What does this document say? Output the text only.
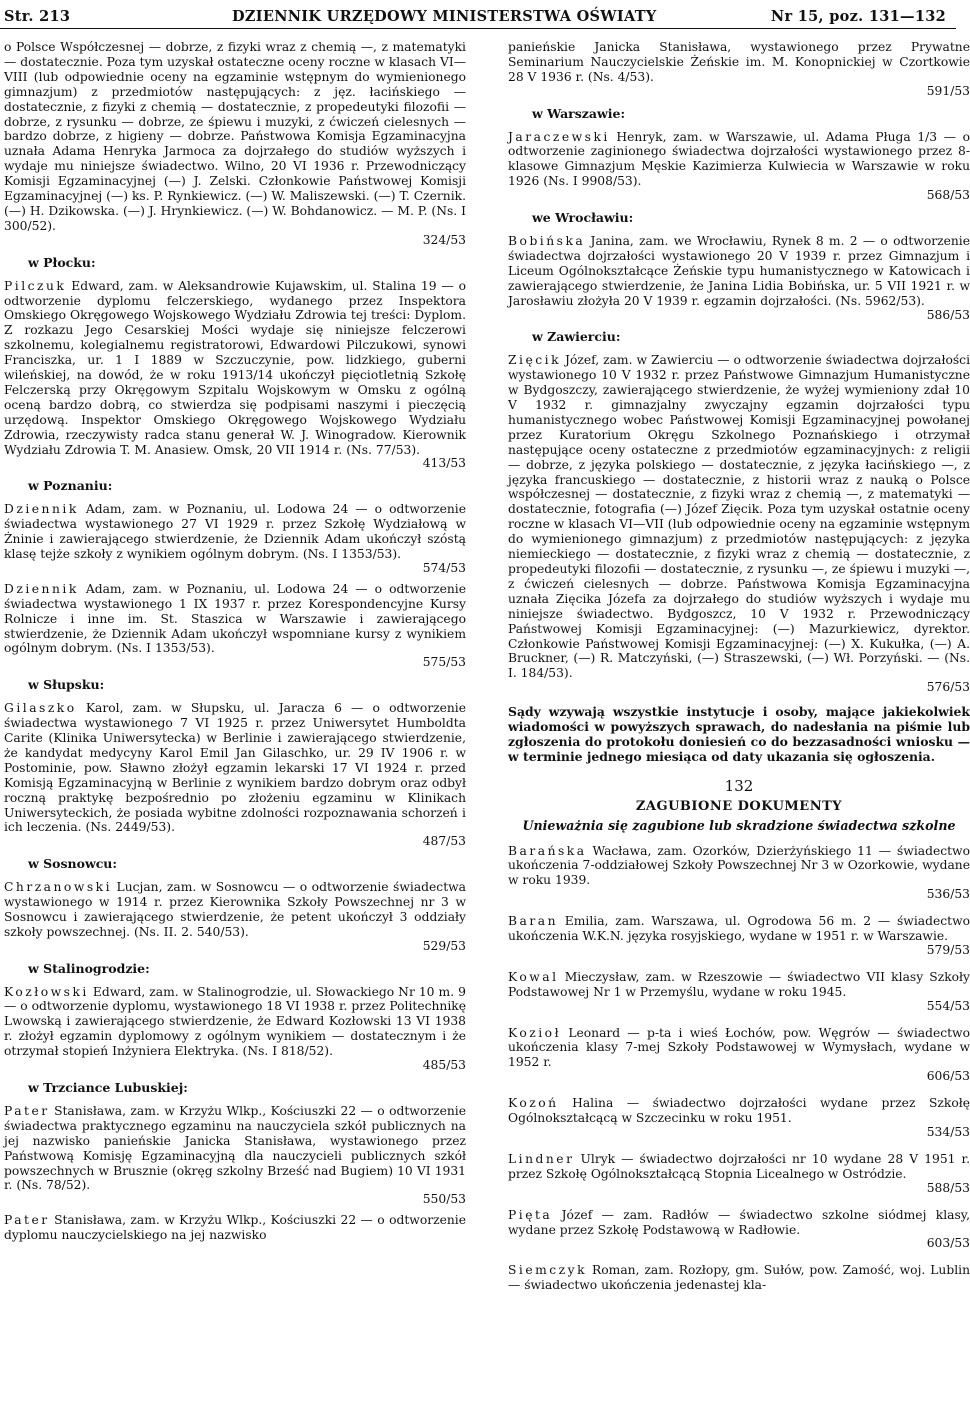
Str. 213	DZIENNIK URZĘDOWY MINISTERSTWA OŚWIATY	Nr 15, poz. 131—132
o Polsce Współczesnej — dobrze, z fizyki wraz z chemią —, z matematyki — dostatecznie. Poza tym uzyskał ostateczne oceny roczne w klasach VI—VIII (lub odpowiednie oceny na egzaminie wstępnym do wymienionego gimnazjum) z przedmiotów następujących: z jęz. łacińskiego — dostatecznie, z fizyki z chemią — dostatecznie, z propedeutyki filozofii — dobrze, z rysunku — dobrze, ze śpiewu i muzyki, z ćwiczeń cielesnych — bardzo dobrze, z higieny — dobrze. Państwowa Komisja Egzaminacyjna uznała Adama Henryka Jarmoca za dojrzałego do studiów wyższych i wydaje mu niniejsze świadectwo. Wilno, 20 VI 1936 r. Przewodniczący Komisji Egzaminacyjnej (—) J. Zelski. Członkowie Państwowej Komisji Egzaminacyjnej (—) ks. P. Rynkiewicz. (—) W. Maliszewski. (—) T. Czernik. (—) H. Dzikowska. (—) J. Hrynkiewicz. (—) W. Bohdanowicz. — M. P. (Ns. I 300/52).
324/53
w Płocku:
Pilczuk Edward, zam. w Aleksandrowie Kujawskim, ul. Stalina 19 — o odtworzenie dyplomu felczerskiego, wydanego przez Inspektora Omskiego Okręgowego Wojskowego Wydziału Zdrowia tej treści: Dyplom. Z rozkazu Jego Cesarskiej Mości wydaje się niniejsze felczerowi szkolnemu, kolegialnemu registratorowi, Edwardowi Pilczukowi, synowi Franciszka, ur. 1 I 1889 w Szczuczynie, pow. lidzkiego, guberni wileńskiej, na dowód, że w roku 1913/14 ukończył pięciotletnią Szkołę Felczerską przy Okręgowym Szpitalu Wojskowym w Omsku z ogólną oceną bardzo dobrą, co stwierdza się podpisami naszymi i pieczęcią urzędową. Inspektor Omskiego Okręgowego Wojskowego Wydziału Zdrowia, rzeczywisty radca stanu generał W. J. Winogradow. Kierownik Wydziału Zdrowia T. M. Anasiew. Omsk, 20 VII 1914 r. (Ns. 77/53).
413/53
w Poznaniu:
Dziennik Adam, zam. w Poznaniu, ul. Lodowa 24 — o odtworzenie świadectwa wystawionego 27 VI 1929 r. przez Szkołę Wydziałową w Żninie i zawierającego stwierdzenie, że Dziennik Adam ukończył szóstą klasę tejże szkoły z wynikiem ogólnym dobrym. (Ns. I 1353/53).
574/53
Dziennik Adam, zam. w Poznaniu, ul. Lodowa 24 — o odtworzenie świadectwa wystawionego 1 IX 1937 r. przez Korespondencyjne Kursy Rolnicze i inne im. St. Staszica w Warszawie i zawierającego stwierdzenie, że Dziennik Adam ukończył wspomniane kursy z wynikiem ogólnym dobrym. (Ns. I 1353/53).
575/53
w Słupsku:
Gilaszko Karol, zam. w Słupsku, ul. Jaracza 6 — o odtworzenie świadectwa wystawionego 7 VI 1925 r. przez Uniwersytet Humboldta Carite (Klinika Uniwersytecka) w Berlinie i zawierającego stwierdzenie, że kandydat medycyny Karol Emil Jan Gilaschko, ur. 29 IV 1906 r. w Postominie, pow. Sławno złożył egzamin lekarski 17 VI 1924 r. przed Komisją Egzaminacyjną w Berlinie z wynikiem bardzo dobrym oraz odbył roczną praktykę bezpośrednio po złożeniu egzaminu w Klinikach Uniwersyteckich, że posiada wybitne zdolności rozpoznawania schorzeń i ich leczenia. (Ns. 2449/53).
487/53
w Sosnowcu:
Chrzanowski Lucjan, zam. w Sosnowcu — o odtworzenie świadectwa wystawionego w 1914 r. przez Kierownika Szkoły Powszechnej nr 3 w Sosnowcu i zawierającego stwierdzenie, że petent ukończył 3 oddziały szkoły powszechnej. (Ns. II. 2. 540/53).
529/53
w Stalinogrodzie:
Kozłowski Edward, zam. w Stalinogrodzie, ul. Słowackiego Nr 10 m. 9 — o odtworzenie dyplomu, wystawionego 18 VI 1938 r. przez Politechnikę Lwowską i zawierającego stwierdzenie, że Edward Kozłowski 13 VI 1938 r. złożył egzamin dyplomowy z ogólnym wynikiem — dostatecznym i że otrzymał stopień Inżyniera Elektryka. (Ns. I 818/52).
485/53
w Trzciance Lubuskiej:
Pater Stanisława, zam. w Krzyżu Wlkp., Kościuszki 22 — o odtworzenie świadectwa praktycznego egzaminu na nauczyciela szkół publicznych na jej nazwisko panieńskie Janicka Stanisława, wystawionego przez Państwową Komisję Egzaminacyjną dla nauczycieli publicznych szkół powszechnych w Brusznie (okręg szkolny Brześć nad Bugiem) 10 VI 1931 r. (Ns. 78/52).
550/53
Pater Stanisława, zam. w Krzyżu Wlkp., Kościuszki 22 — o odtworzenie dyplomu nauczycielskiego na jej nazwisko
panieńskie Janicka Stanisława, wystawionego przez Prywatne Seminarium Nauczycielskie Żeńskie im. M. Konopnickiej w Czortkowie 28 V 1936 r. (Ns. 4/53).
591/53
w Warszawie:
Jaraczewski Henryk, zam. w Warszawie, ul. Adama Pługa 1/3 — o odtworzenie zaginionego świadectwa dojrzałości wystawionego przez 8-klasowe Gimnazjum Męskie Kazimierza Kulwiecia w Warszawie w roku 1926 (Ns. I 9908/53).
568/53
we Wrocławiu:
Bobińska Janina, zam. we Wrocławiu, Rynek 8 m. 2 — o odtworzenie świadectwa dojrzałości wystawionego 20 V 1939 r. przez Gimnazjum i Liceum Ogólnokształcące Żeńskie typu humanistycznego w Katowicach i zawierającego stwierdzenie, że Janina Lidia Bobińska, ur. 5 VII 1921 r. w Jarosławiu złożyła 20 V 1939 r. egzamin dojrzałości. (Ns. 5962/53).
586/53
w Zawierciu:
Zięcik Józef, zam. w Zawierciu — o odtworzenie świadectwa dojrzałości wystawionego 10 V 1932 r. przez Państwowe Gimnazjum Humanistyczne w Bydgoszczy, zawierającego stwierdzenie, że wyżej wymieniony zdał 10 V 1932 r. gimnazjalny zwyczajny egzamin dojrzałości typu humanistycznego wobec Państwowej Komisji Egzaminacyjnej powołanej przez Kuratorium Okręgu Szkolnego Poznańskiego i otrzymał następujące oceny ostateczne z przedmiotów egzaminacyjnych: z religii — dobrze, z języka polskiego — dostatecznie, z języka łacińskiego —, z języka francuskiego — dostatecznie, z historii wraz z nauką o Polsce współczesnej — dostatecznie, z fizyki wraz z chemią —, z matematyki — dostatecznie, fotografia (—) Józef Zięcik. Poza tym uzyskał ostatnie oceny roczne w klasach VI—VII (lub odpowiednie oceny na egzaminie wstępnym do wymienionego gimnazjum) z przedmiotów następujących: z języka niemieckiego — dostatecznie, z fizyki wraz z chemią — dostatecznie, z propedeutyki filozofii — dostatecznie, z rysunku —, ze śpiewu i muzyki —, z ćwiczeń cielesnych — dobrze. Państwowa Komisja Egzaminacyjna uznała Zięcika Józefa za dojrzałego do studiów wyższych i wydaje mu niniejsze świadectwo. Bydgoszcz, 10 V 1932 r. Przewodniczący Państwowej Komisji Egzaminacyjnej: (—) Mazurkiewicz, dyrektor. Członkowie Państwowej Komisji Egzaminacyjnej: (—) X. Kukułka, (—) A. Bruckner, (—) R. Matczyński, (—) Straszewski, (—) Wł. Porzyński. — (Ns. I. 184/53).
576/53
Sądy wzywają wszystkie instytucje i osoby, mające jakiekolwiek wiadomości w powyższych sprawach, do nadesłania na piśmie lub zgłoszenia do protokołu doniesień co do bezzasadności wniosku — w terminie jednego miesiąca od daty ukazania się ogłoszenia.
132
ZAGUBIONE DOKUMENTY
Unieważnia się zagubione lub skradzione świadectwa szkolne
Barańska Wacława, zam. Ozorków, Dzierżyńskiego 11 — świadectwo ukończenia 7-oddziałowej Szkoły Powszechnej Nr 3 w Ozorkowie, wydane w roku 1939.
536/53
Baran Emilia, zam. Warszawa, ul. Ogrodowa 56 m. 2 — świadectwo ukończenia W.K.N. języka rosyjskiego, wydane w 1951 r. w Warszawie.
579/53
Kowal Mieczysław, zam. w Rzeszowie — świadectwo VII klasy Szkoły Podstawowej Nr 1 w Przemyślu, wydane w roku 1945.
554/53
Kozioł Leonard — p-ta i wieś Łochów, pow. Węgrów — świadectwo ukończenia klasy 7-mej Szkoły Podstawowej w Wymysłach, wydane w 1952 r.
606/53
Kozoń Halina — świadectwo dojrzałości wydane przez Szkołę Ogólnokształcącą w Szczecinku w roku 1951.
534/53
Lindner Ulryk — świadectwo dojrzałości nr 10 wydane 28 V 1951 r. przez Szkołę Ogólnokształcącą Stopnia Licealnego w Ostródzie.
588/53
Pięta Józef — zam. Radłów — świadectwo szkolne siódmej klasy, wydane przez Szkołę Podstawową w Radłowie.
603/53
Siemczyk Roman, zam. Rozłopy, gm. Sułów, pow. Zamość, woj. Lublin — świadectwo ukończenia jedenastej kla-
